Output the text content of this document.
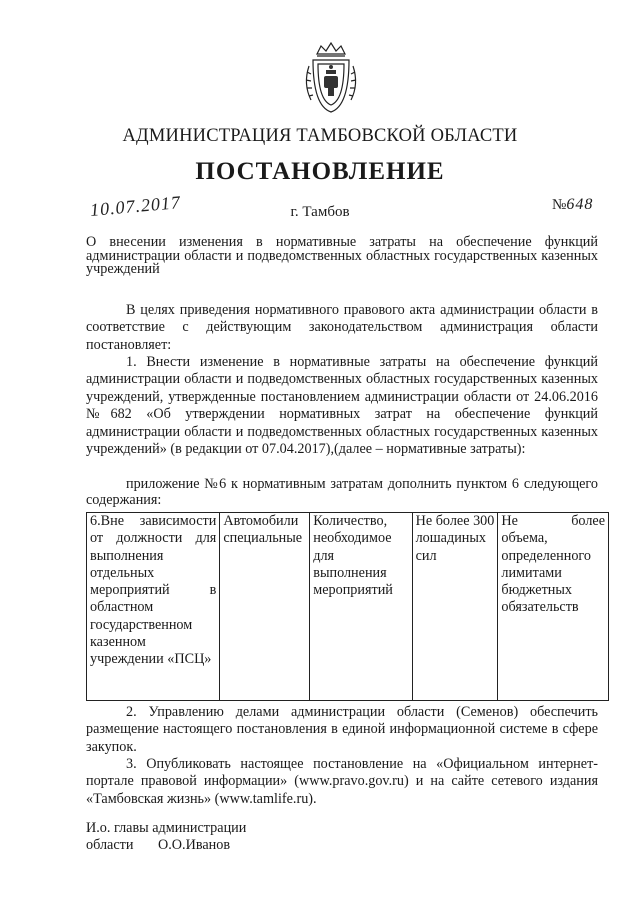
АДМИНИСТРАЦИЯ ТАМБОВСКОЙ ОБЛАСТИ
ПОСТАНОВЛЕНИЕ
10.07.2017	г. Тамбов	№648
О внесении изменения в нормативные затраты на обеспечение функций администрации области и подведомственных областных государственных казенных учреждений
В целях приведения нормативного правового акта администрации области в соответствие с действующим законодательством администрация области постановляет:
1. Внести изменение в нормативные затраты на обеспечение функций администрации области и подведомственных областных государственных казенных учреждений, утвержденные постановлением администрации области от 24.06.2016 №682 «Об утверждении нормативных затрат на обеспечение функций администрации области и подведомственных областных государственных казенных учреждений» (в редакции от 07.04.2017),(далее – нормативные затраты):
приложение №6 к нормативным затратам дополнить пунктом 6 следующего содержания:
6.Вне зависимости от должности для выполнения отдельных мероприятий в областном государственном казенном учреждении «ПСЦ»	Автомобили специальные	Количество, необходимое для выполнения мероприятий	Не более 300 лошадиных сил	Не более объема, определенного лимитами бюджетных обязательств
2. Управлению делами администрации области (Семенов) обеспечить размещение настоящего постановления в единой информационной системе в сфере закупок.
3. Опубликовать настоящее постановление на «Официальном интернет-портале правовой информации» (www.pravo.gov.ru) и на сайте сетевого издания «Тамбовская жизнь» (www.tamlife.ru).
И.о. главы администрации
области	О.О.Иванов
